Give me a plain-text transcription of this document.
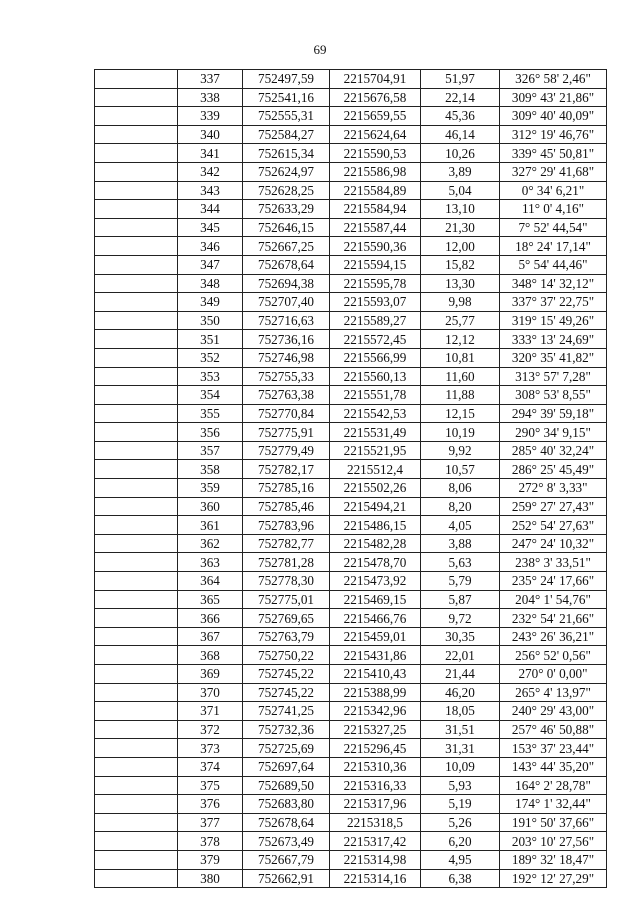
69
	337	752497,59	2215704,91	51,97	326° 58' 2,46"
	338	752541,16	2215676,58	22,14	309° 43' 21,86"
	339	752555,31	2215659,55	45,36	309° 40' 40,09"
	340	752584,27	2215624,64	46,14	312° 19' 46,76"
	341	752615,34	2215590,53	10,26	339° 45' 50,81"
	342	752624,97	2215586,98	3,89	327° 29' 41,68"
	343	752628,25	2215584,89	5,04	0° 34' 6,21"
	344	752633,29	2215584,94	13,10	11° 0' 4,16"
	345	752646,15	2215587,44	21,30	7° 52' 44,54"
	346	752667,25	2215590,36	12,00	18° 24' 17,14"
	347	752678,64	2215594,15	15,82	5° 54' 44,46"
	348	752694,38	2215595,78	13,30	348° 14' 32,12"
	349	752707,40	2215593,07	9,98	337° 37' 22,75"
	350	752716,63	2215589,27	25,77	319° 15' 49,26"
	351	752736,16	2215572,45	12,12	333° 13' 24,69"
	352	752746,98	2215566,99	10,81	320° 35' 41,82"
	353	752755,33	2215560,13	11,60	313° 57' 7,28"
	354	752763,38	2215551,78	11,88	308° 53' 8,55"
	355	752770,84	2215542,53	12,15	294° 39' 59,18"
	356	752775,91	2215531,49	10,19	290° 34' 9,15"
	357	752779,49	2215521,95	9,92	285° 40' 32,24"
	358	752782,17	2215512,4	10,57	286° 25' 45,49"
	359	752785,16	2215502,26	8,06	272° 8' 3,33"
	360	752785,46	2215494,21	8,20	259° 27' 27,43"
	361	752783,96	2215486,15	4,05	252° 54' 27,63"
	362	752782,77	2215482,28	3,88	247° 24' 10,32"
	363	752781,28	2215478,70	5,63	238° 3' 33,51"
	364	752778,30	2215473,92	5,79	235° 24' 17,66"
	365	752775,01	2215469,15	5,87	204° 1' 54,76"
	366	752769,65	2215466,76	9,72	232° 54' 21,66"
	367	752763,79	2215459,01	30,35	243° 26' 36,21"
	368	752750,22	2215431,86	22,01	256° 52' 0,56"
	369	752745,22	2215410,43	21,44	270° 0' 0,00"
	370	752745,22	2215388,99	46,20	265° 4' 13,97"
	371	752741,25	2215342,96	18,05	240° 29' 43,00"
	372	752732,36	2215327,25	31,51	257° 46' 50,88"
	373	752725,69	2215296,45	31,31	153° 37' 23,44"
	374	752697,64	2215310,36	10,09	143° 44' 35,20"
	375	752689,50	2215316,33	5,93	164° 2' 28,78"
	376	752683,80	2215317,96	5,19	174° 1' 32,44"
	377	752678,64	2215318,5	5,26	191° 50' 37,66"
	378	752673,49	2215317,42	6,20	203° 10' 27,56"
	379	752667,79	2215314,98	4,95	189° 32' 18,47"
	380	752662,91	2215314,16	6,38	192° 12' 27,29"
